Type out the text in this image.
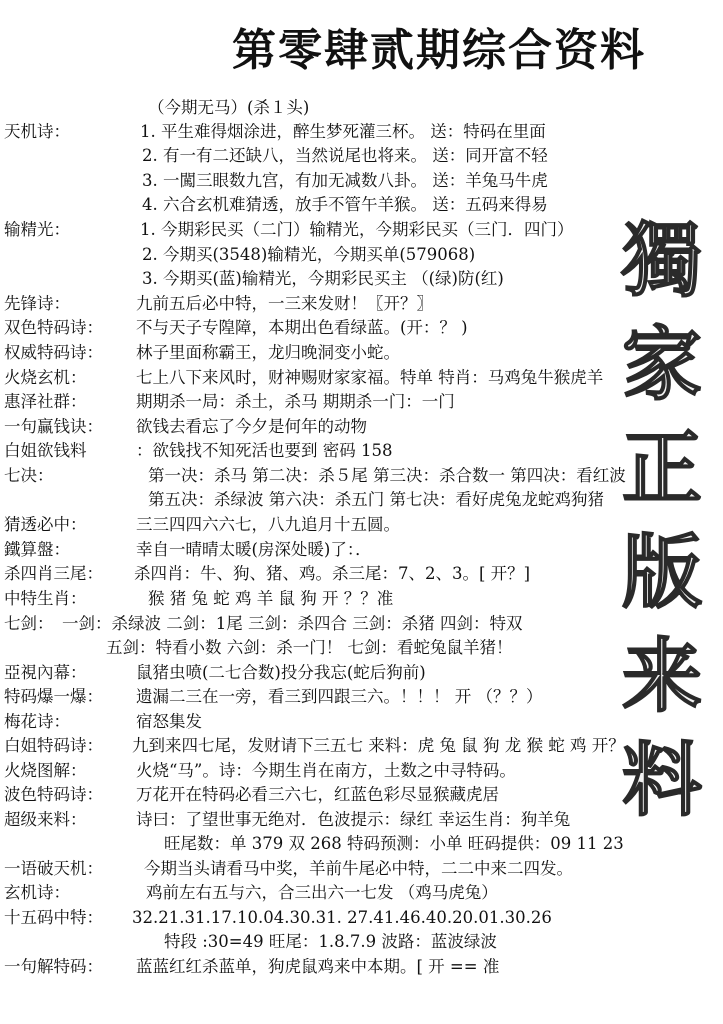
第零肆贰期综合资料
（今期无马）(杀１头)
獨
家
正
版
来
料
天机诗：	1. 平生难得烟涂进，醉生梦死灌三杯。 送：特码在里面
2. 有一有二还缺八，当然说尾也将来。 送：同开富不轻
3. 一闖三眼数九宫，有加无减数八卦。 送：羊兔马牛虎
4. 六合玄机难猜透，放手不管午羊猴。 送：五码来得易
输精光：	1. 今期彩民买（二门）输精光，今期彩民买（三门．四门）
2. 今期买(3548)输精光，今期买单(579068)
3. 今期买(蓝)输精光，今期彩民买主 （(绿)防(红)
先锋诗：	九前五后必中特，一三来发财！〖开？〗
双色特码诗： 不与天子专隍障，本期出色看绿蓝。(开：？ )
权威特码诗： 林子里面称霸王，龙归晚洞变小蛇。
火烧玄机：	七上八下来风时，财神赐财家家福。特单 特肖：马鸡兔牛猴虎羊
惠泽社群：	期期杀一局：杀土，杀马 期期杀一门：一门
一句赢钱诀： 欲钱去看忘了今夕是何年的动物
白姐欲钱料	：欲钱找不知死活也要到 密码 158
七决：	第一决：杀马 第二决：杀５尾 第三决：杀合数一 第四决：看红波
第五决：杀绿波 第六决：杀五门 第七决：看好虎兔龙蛇鸡狗猪
猜透必中：	三三四四六六七，八九追月十五圆。
鐵算盤：	幸自一晴晴太暖(房深处暖)了：．
杀四肖三尾： 杀四肖：牛、狗、猪、鸡。杀三尾：7、2、3。[ 开？]
中特生肖：	猴 猪 兔 蛇 鸡 羊 鼠 狗 开 ？？准
七剑： 一剑：杀绿波 二剑：1尾 三剑：杀四合 三剑：杀猪 四剑：特双
五剑：特看小数 六剑：杀一门！ 七剑：看蛇兔鼠羊猪！
亞視內幕：	鼠猪虫喷(二七合数)投分我忘(蛇后狗前)
特码爆一爆： 遗漏二三在一旁，看三到四跟三六。！！！ 开 （？？）
梅花诗：	宿怒集发
白姐特码诗： 九到来四七尾，发财请下三五七 来料：虎 兔 鼠 狗 龙 猴 蛇 鸡 开？
火烧图解：	火烧“马”。诗：今期生肖在南方，土数之中寻特码。
波色特码诗： 万花开在特码必看三六七，红蓝色彩尽显猴藏虎居
超级来料：	诗曰：了望世事无绝对．色波提示：绿红 幸运生肖：狗羊兔
旺尾数：单 379 双 268 特码预测：小单 旺码提供：09 11 23
一语破天机： 今期当头请看马中奖，羊前牛尾必中特，二二中来二四发。
玄机诗：	鸡前左右五与六，合三出六一七发 （鸡马虎兔）
十五码中特： 32.21.31.17.10.04.30.31. 27.41.46.40.20.01.30.26
特段 :30=49 旺尾：1.8.7.9 波路：蓝波绿波
一句解特码： 蓝蓝红红杀蓝单，狗虎鼠鸡来中本期。[ 开 == 准
